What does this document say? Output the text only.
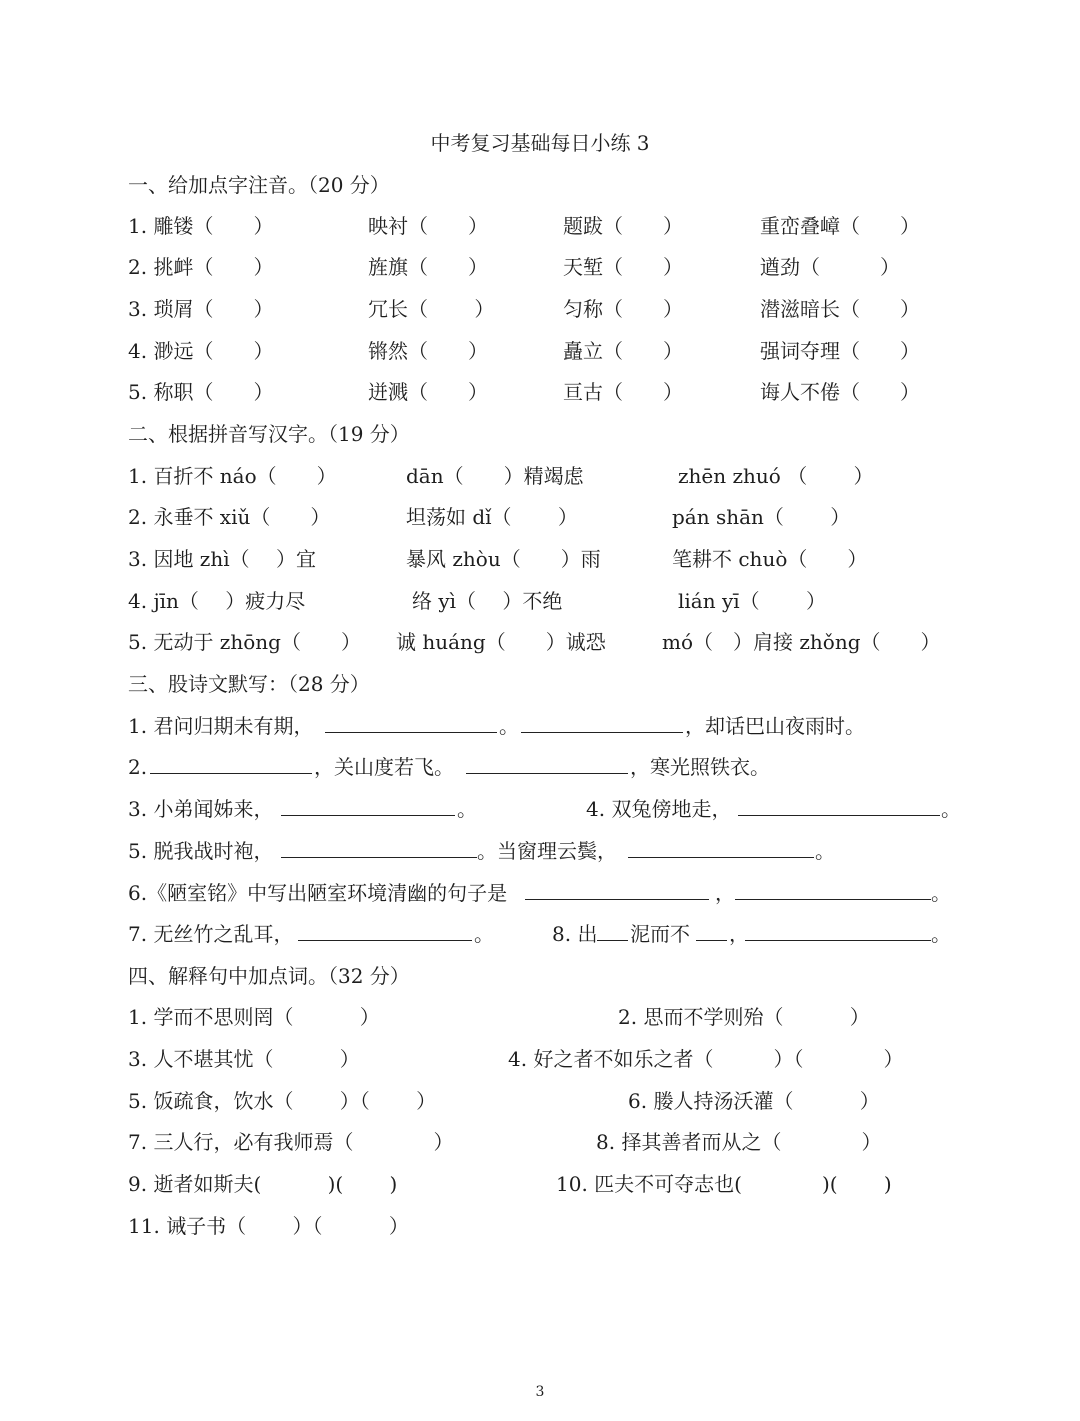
中考复习基础每日小练 3
一、给加点字注音。（20 分）
1. 雕镂（　　）	映衬（　　）	题跋（　　）	重峦叠嶂（　　）
2. 挑衅（　　）	旌旗（　　）	天堑（　　）	遒劲（　　　）
3. 琐屑（　　）	冗长（　　 ）	匀称（　　）	潜滋暗长（　　）
4. 渺远（　　）	锵然（　　）	矗立（　　）	强词夺理（　　）
5. 称职（　　）	迸溅（　　）	亘古（　　）	诲人不倦（　　）
二、根据拼音写汉字。（19 分）
1. 百折不 náo（　　）	dān（　　）精竭虑	zhēn zhuó （　　 ）
2. 永垂不 xiǔ（　　）	坦荡如 dǐ（　　 ）	pán shān（　　 ）
3. 因地 zhì（　 ）宜	暴风 zhòu（　　）雨	笔耕不 chuò（　　）
4. jīn（　 ）疲力尽	络 yì（　 ）不绝	lián yī（　　 ）
5. 无动于 zhōng（　　） 诚 huáng（　　）诚恐	mó（　）肩接 zhǒng（　　）
三、股诗文默写：（28 分）
1. 君问归期未有期，	。	，却话巴山夜雨时。
2.	，关山度若飞。	，寒光照铁衣。
3. 小弟闻姊来，	。	4. 双兔傍地走，	。
5. 脱我战时袍，	。当窗理云鬓，	。
6.《陋室铭》中写出陋室环境清幽的句子是	，	。
7. 无丝竹之乱耳，	。	8. 出 泥而不 ，	。
四、解释句中加点词。（32 分）
1. 学而不思则罔（　　　 ）	2. 思而不学则殆（　　　 ）
3. 人不堪其忧（　　　 ）	4. 好之者不如乐之者（　　　）（　　　　）
5. 饭疏食，饮水（　　 ）（　　 ）	6. 媵人持汤沃灌（　　　 ）
7. 三人行，必有我师焉（　　　　）	8. 择其善者而从之（　　　　）
9. 逝者如斯夫(　　　 )(　　 )	10. 匹夫不可夺志也(　　　　)(　　 )
11. 诫子书（　　 ）（　　　 ）
3
